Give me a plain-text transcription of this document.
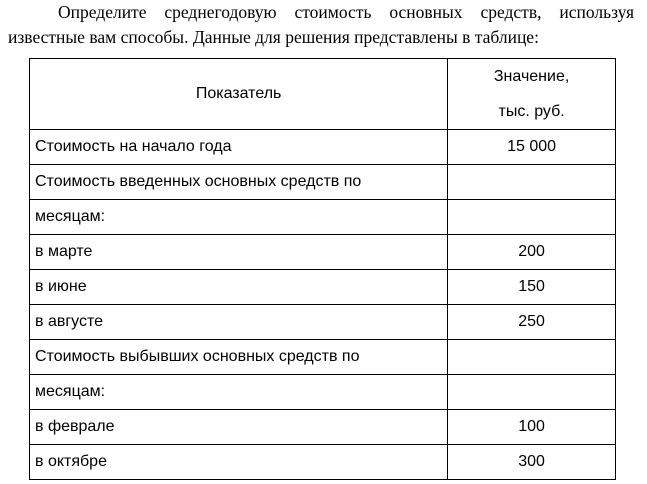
Определите среднегодовую стоимость основных средств, используя известные вам способы. Данные для решения представлены в таблице:
Показатель	Значение,
тыс. руб.
Стоимость на начало года	15 000
Стоимость введенных основных средств по	
месяцам:	
в марте	200
в июне	150
в августе	250
Стоимость выбывших основных средств по	
месяцам:	
в феврале	100
в октябре	300
